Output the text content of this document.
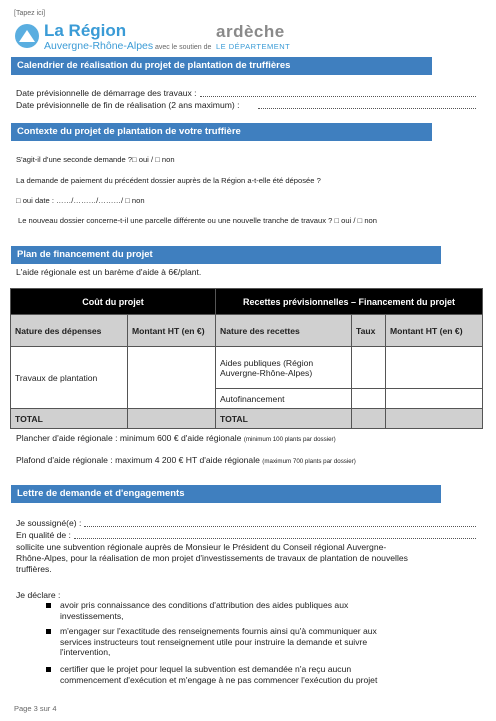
[Tapez ici]
La Région
Auvergne-Rhône-Alpes avec le soutien de
ardèche
LE DÉPARTEMENT
Calendrier de réalisation du projet de plantation de truffières
Date prévisionnelle de démarrage des travaux :
Date prévisionnelle de fin de réalisation (2 ans maximum) :
Contexte du projet de plantation de votre truffière
S'agit-il d'une seconde demande ?□ oui / □ non
La demande de paiement du précédent dossier auprès de la Région a-t-elle été déposée ?
□ oui date : ……/………/………/ □ non
Le nouveau dossier concerne-t-il une parcelle différente ou une nouvelle tranche de travaux ? □ oui / □ non
Plan de financement du projet
L'aide régionale est un barème d'aide à 6€/plant.
Coût du projet		Recettes prévisionnelles – Financement du projet		
Nature des dépenses	Montant HT (en €)	Nature des recettes	Taux	Montant HT (en €)
Travaux de plantation		Aides publiques (Région Auvergne-Rhône-Alpes)		
		Autofinancement		
TOTAL		TOTAL		
Plancher d'aide régionale : minimum 600 € d'aide régionale (minimum 100 plants par dossier)
Plafond d'aide régionale : maximum 4 200 € HT d'aide régionale (maximum 700 plants par dossier)
Lettre de demande et d'engagements
Je soussigné(e) :
En qualité de :
sollicite une subvention régionale auprès de Monsieur le Président du Conseil régional Auvergne-
Rhône-Alpes, pour la réalisation de mon projet d'investissements de travaux de plantation de nouvelles
truffières.
Je déclare :
avoir pris connaissance des conditions d'attribution des aides publiques aux
investissements,
m'engager sur l'exactitude des renseignements fournis ainsi qu'à communiquer aux
services instructeurs tout renseignement utile pour instruire la demande et suivre
l'intervention,
certifier que le projet pour lequel la subvention est demandée n'a reçu aucun
commencement d'exécution et m'engage à ne pas commencer l'exécution du projet
Page 3 sur 4
